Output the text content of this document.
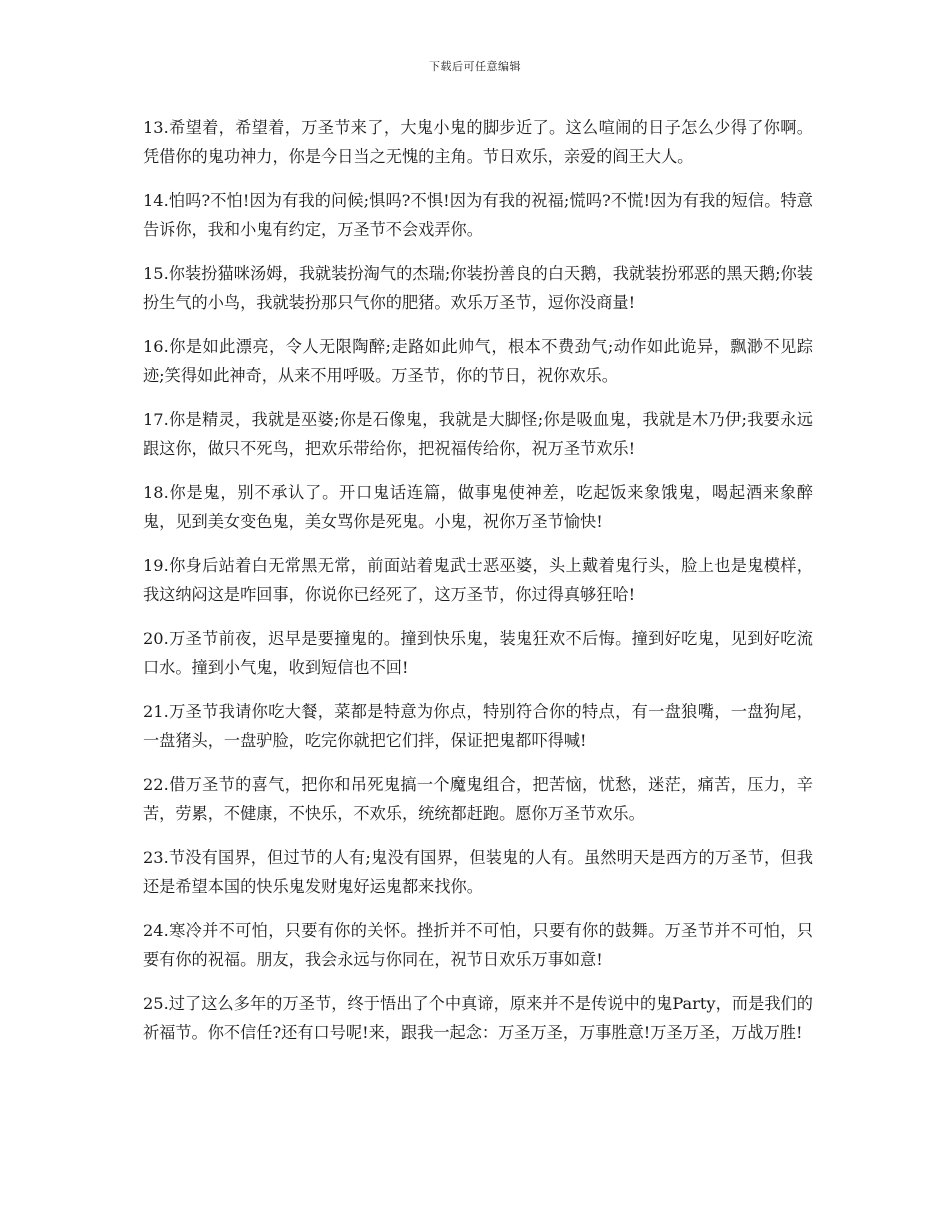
下载后可任意编辑

13.希望着，希望着，万圣节来了，大鬼小鬼的脚步近了。这么喧闹的日子怎么少得了你啊。凭借你的鬼功神力，你是今日当之无愧的主角。节日欢乐，亲爱的阎王大人。

14.怕吗?不怕!因为有我的问候;惧吗?不惧!因为有我的祝福;慌吗?不慌!因为有我的短信。特意告诉你，我和小鬼有约定，万圣节不会戏弄你。

15.你装扮猫咪汤姆，我就装扮淘气的杰瑞;你装扮善良的白天鹅，我就装扮邪恶的黑天鹅;你装扮生气的小鸟，我就装扮那只气你的肥猪。欢乐万圣节，逗你没商量!

16.你是如此漂亮，令人无限陶醉;走路如此帅气，根本不费劲气;动作如此诡异，飘渺不见踪迹;笑得如此神奇，从来不用呼吸。万圣节，你的节日，祝你欢乐。

17.你是精灵，我就是巫婆;你是石像鬼，我就是大脚怪;你是吸血鬼，我就是木乃伊;我要永远跟这你，做只不死鸟，把欢乐带给你，把祝福传给你，祝万圣节欢乐!

18.你是鬼，别不承认了。开口鬼话连篇，做事鬼使神差，吃起饭来象饿鬼，喝起酒来象醉鬼，见到美女变色鬼，美女骂你是死鬼。小鬼，祝你万圣节愉快!

19.你身后站着白无常黑无常，前面站着鬼武士恶巫婆，头上戴着鬼行头，脸上也是鬼模样，我这纳闷这是咋回事，你说你已经死了，这万圣节，你过得真够狂哈!

20.万圣节前夜，迟早是要撞鬼的。撞到快乐鬼，装鬼狂欢不后悔。撞到好吃鬼，见到好吃流口水。撞到小气鬼，收到短信也不回!

21.万圣节我请你吃大餐，菜都是特意为你点，特别符合你的特点，有一盘狼嘴，一盘狗尾，一盘猪头，一盘驴脸，吃完你就把它们拌，保证把鬼都吓得喊!

22.借万圣节的喜气，把你和吊死鬼搞一个魔鬼组合，把苦恼，忧愁，迷茫，痛苦，压力，辛苦，劳累，不健康，不快乐，不欢乐，统统都赶跑。愿你万圣节欢乐。

23.节没有国界，但过节的人有;鬼没有国界，但装鬼的人有。虽然明天是西方的万圣节，但我还是希望本国的快乐鬼发财鬼好运鬼都来找你。

24.寒冷并不可怕，只要有你的关怀。挫折并不可怕，只要有你的鼓舞。万圣节并不可怕，只要有你的祝福。朋友，我会永远与你同在，祝节日欢乐万事如意!

25.过了这么多年的万圣节，终于悟出了个中真谛，原来并不是传说中的鬼Party，而是我们的祈福节。你不信任?还有口号呢!来，跟我一起念：万圣万圣，万事胜意!万圣万圣，万战万胜!
